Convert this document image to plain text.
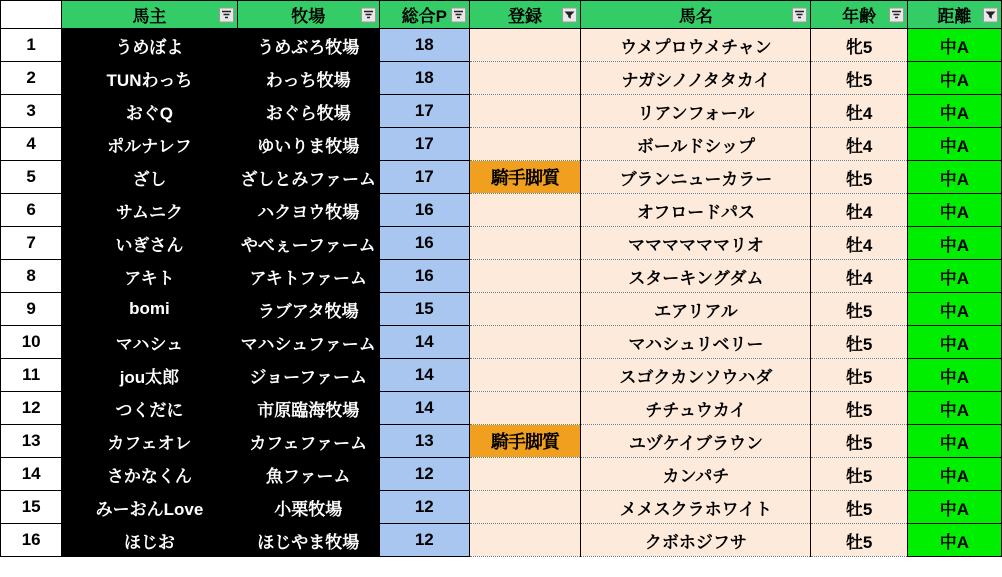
	馬主	牧場	総合P	登録	馬名	年齢	距離

1	うめぼよ	うめぶろ牧場	18		ウメプロウメチャン	牝5	中A
2	TUNわっち	わっち牧場	18		ナガシノノタタカイ	牡5	中A
3	おぐQ	おぐら牧場	17		リアンフォール	牡4	中A
4	ポルナレフ	ゆいりま牧場	17		ボールドシップ	牡4	中A
5	ざし	ざしとみファーム	17	騎手脚質	ブランニューカラー	牡5	中A
6	サムニク	ハクヨウ牧場	16		オフロードパス	牡4	中A
7	いぎさん	やべぇーファーム	16		ママママママリオ	牡4	中A
8	アキト	アキトファーム	16		スターキングダム	牡4	中A
9	bomi	ラブアタ牧場	15		エアリアル	牡5	中A
10	マハシュ	マハシュファーム	14		マハシュリベリー	牡5	中A
11	jou太郎	ジョーファーム	14		スゴクカンソウハダ	牡5	中A
12	つくだに	市原臨海牧場	14		チチュウカイ	牡5	中A
13	カフェオレ	カフェファーム	13	騎手脚質	ユヅケイブラウン	牡5	中A
14	さかなくん	魚ファーム	12		カンパチ	牡5	中A
15	みーおんLove	小栗牧場	12		メメスクラホワイト	牡5	中A
16	ほじお	ほじやま牧場	12		クボホジフサ	牡5	中A
